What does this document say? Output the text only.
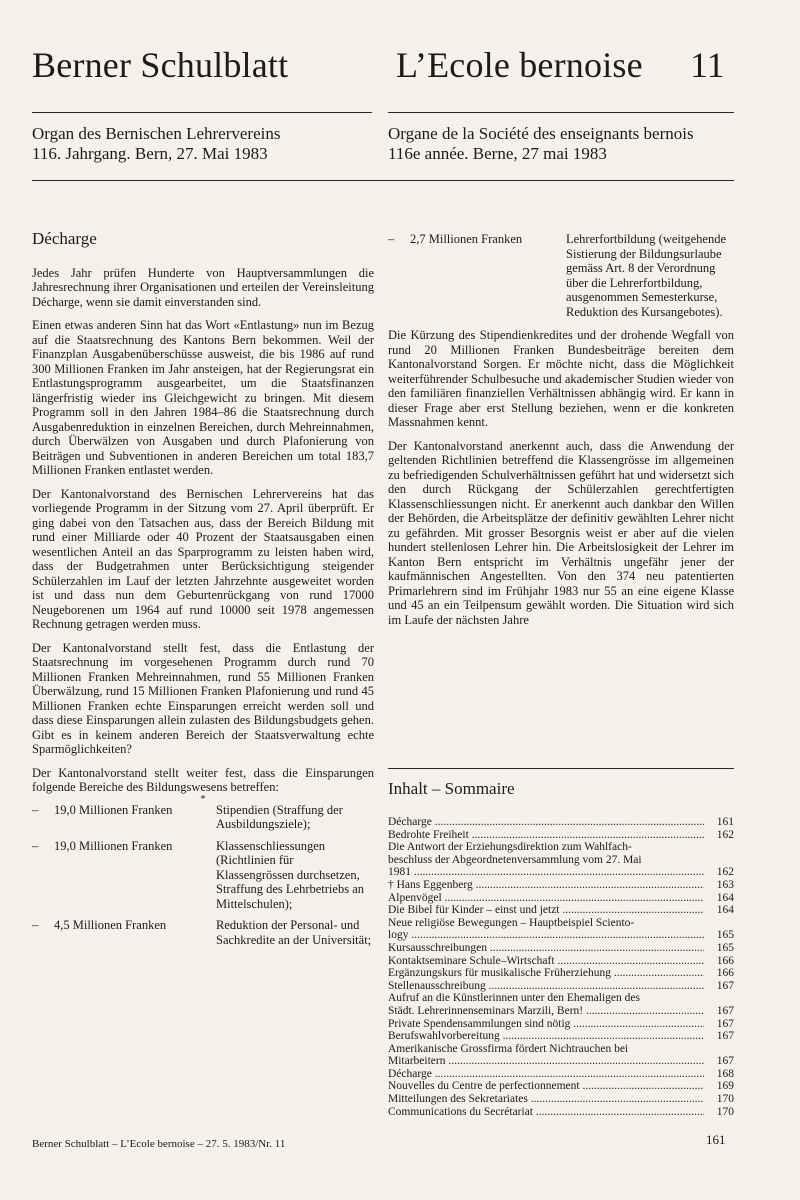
Berner Schulblatt	L’Ecole bernoise 11
Organ des Bernischen Lehrervereins
116. Jahrgang. Bern, 27. Mai 1983
Organe de la Société des enseignants bernois
116e année. Berne, 27 mai 1983
Décharge

Jedes Jahr prüfen Hunderte von Hauptversammlungen die Jahresrechnung ihrer Organisationen und erteilen der Vereinsleitung Décharge, wenn sie damit einverstanden sind.

Einen etwas anderen Sinn hat das Wort «Entlastung» nun im Bezug auf die Staatsrechnung des Kantons Bern bekommen. Weil der Finanzplan Ausgabenüberschüsse ausweist, die bis 1986 auf rund 300 Millionen Franken im Jahr ansteigen, hat der Regierungsrat ein Entlastungsprogramm ausgearbeitet, um die Staatsfinanzen längerfristig wieder ins Gleichgewicht zu bringen. Mit diesem Programm soll in den Jahren 1984–86 die Staatsrechnung durch Ausgabenreduktion in einzelnen Bereichen, durch Mehreinnahmen, durch Überwälzen von Ausgaben und durch Plafonierung von Beiträgen und Subventionen in anderen Bereichen um total 183,7 Millionen Franken entlastet werden.

Der Kantonalvorstand des Bernischen Lehrervereins hat das vorliegende Programm in der Sitzung vom 27. April überprüft. Er ging dabei von den Tatsachen aus, dass der Bereich Bildung mit rund einer Milliarde oder 40 Prozent der Staatsausgaben einen wesentlichen Anteil an das Sparprogramm zu leisten haben wird, dass der Budgetrahmen unter Berücksichtigung steigender Schülerzahlen im Lauf der letzten Jahrzehnte ausgeweitet worden ist und dass nun dem Geburtenrückgang von rund 17000 Neugeborenen um 1964 auf rund 10000 seit 1978 angemessen Rechnung getragen werden muss.

Der Kantonalvorstand stellt fest, dass die Entlastung der Staatsrechnung im vorgesehenen Programm durch rund 70 Millionen Franken Mehreinnahmen, rund 55 Millionen Franken Überwälzung, rund 15 Millionen Franken Plafonierung und rund 45 Millionen Franken echte Einsparungen erreicht werden soll und dass diese Einsparungen allein zulasten des Bildungsbudgets gehen. Gibt es in keinem anderen Bereich der Staatsverwaltung echte Sparmöglichkeiten?

Der Kantonalvorstand stellt weiter fest, dass die Einsparungen folgende Bereiche des Bildungswesens betreffen:

*
–	19,0 Millionen Franken	Stipendien (Straffung der Ausbildungsziele);
–	19,0 Millionen Franken	Klassenschliessungen (Richtlinien für Klassengrössen durchsetzen, Straffung des Lehrbetriebs an Mittelschulen);
–	4,5 Millionen Franken	Reduktion der Personal- und Sachkredite an der Universität;
–	2,7 Millionen Franken	Lehrerfortbildung (weitgehende Sistierung der Bildungsurlaube gemäss Art. 8 der Verordnung über die Lehrerfortbildung, ausgenommen Semesterkurse, Reduktion des Kursangebotes).

Die Kürzung des Stipendienkredites und der drohende Wegfall von rund 20 Millionen Franken Bundesbeiträge bereiten dem Kantonalvorstand Sorgen. Er möchte nicht, dass die Möglichkeit weiterführender Schulbesuche und akademischer Studien wieder von den familiären finanziellen Verhältnissen abhängig wird. Er kann in dieser Frage aber erst Stellung beziehen, wenn er die konkreten Massnahmen kennt.

Der Kantonalvorstand anerkennt auch, dass die Anwendung der geltenden Richtlinien betreffend die Klassengrösse im allgemeinen zu befriedigenden Schulverhältnissen geführt hat und widersetzt sich den durch Rückgang der Schülerzahlen gerechtfertigten Klassenschliessungen nicht. Er anerkennt auch dankbar den Willen der Behörden, die Arbeitsplätze der definitiv gewählten Lehrer nicht zu gefährden. Mit grosser Besorgnis weist er aber auf die vielen hundert stellenlosen Lehrer hin. Die Arbeitslosigkeit der Lehrer im Kanton Bern entspricht im Verhältnis ungefähr jener der kaufmännischen Angestellten. Von den 374 neu patentierten Primarlehrern sind im Frühjahr 1983 nur 55 an eine eigene Klasse und 45 an ein Teilpensum gewählt worden. Die Situation wird sich im Laufe der nächsten Jahre

Inhalt – Sommaire
Décharge .....	161
Bedrohte Freiheit .....	162
Die Antwort der Erziehungsdirektion zum Wahlfach-
beschluss der Abgeordnetenversammlung vom 27. Mai
1981 .....	162
† Hans Eggenberg .....	163
Alpenvögel .....	164
Die Bibel für Kinder – einst und jetzt .....	164
Neue religiöse Bewegungen – Hauptbeispiel Sciento-
logy .....	165
Kursausschreibungen .....	165
Kontaktseminare Schule–Wirtschaft .....	166
Ergänzungskurs für musikalische Früherziehung .....	166
Stellenausschreibung .....	167
Aufruf an die Künstlerinnen unter den Ehemaligen des
Städt. Lehrerinnenseminars Marzili, Bern! .....	167
Private Spendensammlungen sind nötig .....	167
Berufswahlvorbereitung .....	167
Amerikanische Grossfirma fördert Nichtrauchen bei
Mitarbeitern .....	167
Décharge .....	168
Nouvelles du Centre de perfectionnement .....	169
Mitteilungen des Sekretariates .....	170
Communications du Secrétariat .....	170
Berner Schulblatt – L’Ecole bernoise – 27. 5. 1983/Nr. 11	161
